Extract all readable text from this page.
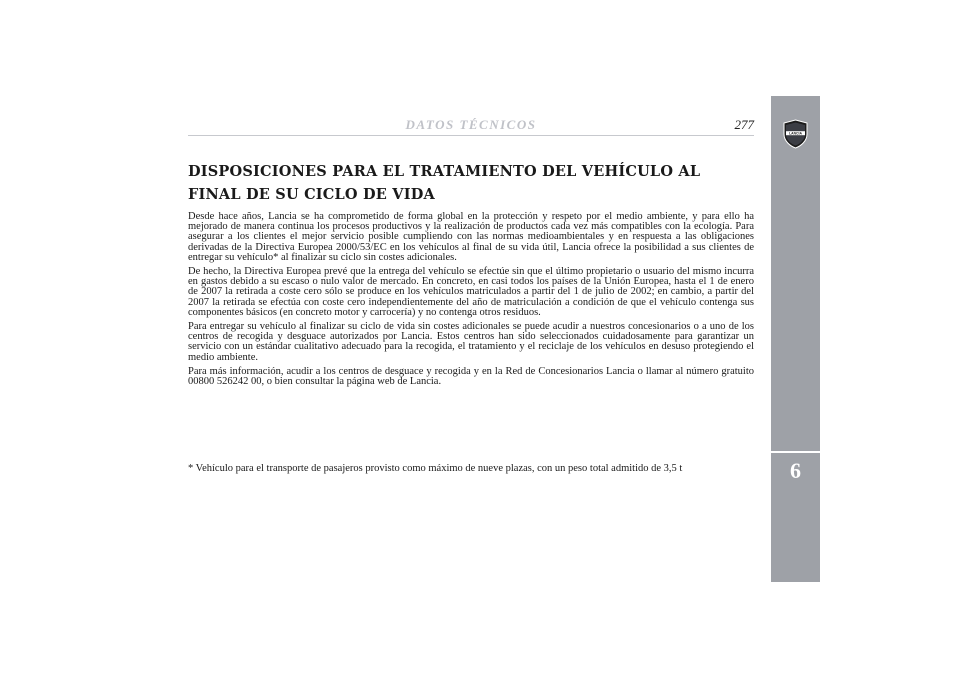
DATOS TÉCNICOS	277
LANCIA
6
DISPOSICIONES PARA EL TRATAMIENTO DEL VEHÍCULO AL FINAL DE SU CICLO DE VIDA

Desde hace años, Lancia se ha comprometido de forma global en la protección y respeto por el medio ambiente, y para ello ha mejorado de manera continua los procesos productivos y la realización de productos cada vez más compatibles con la ecología. Para asegurar a los clientes el mejor servicio posible cumpliendo con las normas medioambientales y en respuesta a las obligaciones derivadas de la Directiva Europea 2000/53/EC en los vehículos al final de su vida útil, Lancia ofrece la posibilidad a sus clientes de entregar su vehículo* al finalizar su ciclo sin costes adicionales.

De hecho, la Directiva Europea prevé que la entrega del vehículo se efectúe sin que el último propietario o usuario del mismo incurra en gastos debido a su escaso o nulo valor de mercado. En concreto, en casi todos los países de la Unión Europea, hasta el 1 de enero de 2007 la retirada a coste cero sólo se produce en los vehículos matriculados a partir del 1 de julio de 2002; en cambio, a partir del 2007 la retirada se efectúa con coste cero independientemente del año de matriculación a condición de que el vehículo contenga sus componentes básicos (en concreto motor y carrocería) y no contenga otros residuos.

Para entregar su vehículo al finalizar su ciclo de vida sin costes adicionales se puede acudir a nuestros concesionarios o a uno de los centros de recogida y desguace autorizados por Lancia. Estos centros han sido seleccionados cuidadosamente para garantizar un servicio con un estándar cualitativo adecuado para la recogida, el tratamiento y el reciclaje de los vehículos en desuso protegiendo el medio ambiente.

Para más información, acudir a los centros de desguace y recogida y en la Red de Concesionarios Lancia o llamar al número gratuito 00800 526242 00, o bien consultar la página web de Lancia.

* Vehículo para el transporte de pasajeros provisto como máximo de nueve plazas, con un peso total admitido de 3,5 t
